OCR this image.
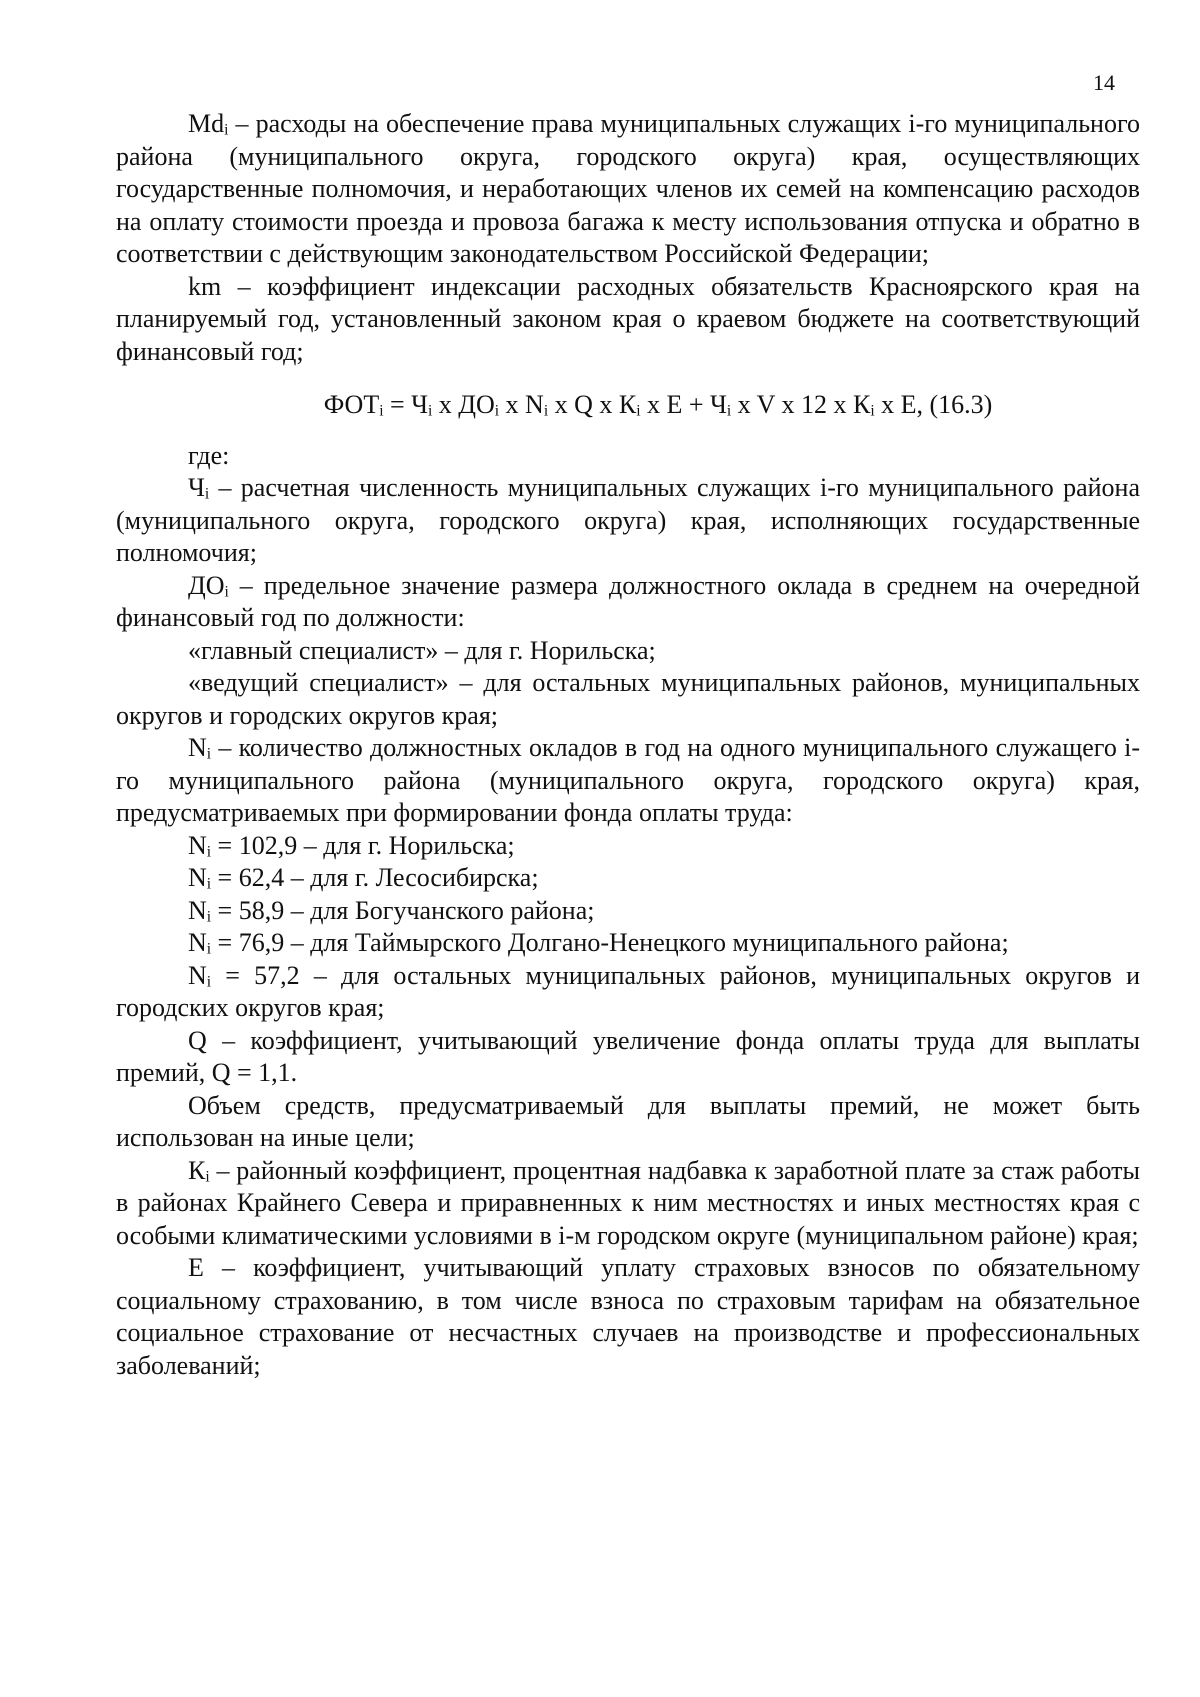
14

Mdᵢ – расходы на обеспечение права муниципальных служащих i-го муниципального района (муниципального округа, городского округа) края, осуществляющих государственные полномочия, и неработающих членов их семей на компенсацию расходов на оплату стоимости проезда и провоза багажа к месту использования отпуска и обратно в соответствии с действующим законодательством Российской Федерации;

km – коэффициент индексации расходных обязательств Красноярского края на планируемый год, установленный законом края о краевом бюджете на соответствующий финансовый год;

ФОТᵢ = Чᵢ x ДОᵢ x Nᵢ x Q x Кᵢ x E + Чᵢ x V x 12 x Кᵢ x E, (16.3)

где:

Чᵢ – расчетная численность муниципальных служащих i-го муниципального района (муниципального округа, городского округа) края, исполняющих государственные полномочия;

ДОᵢ – предельное значение размера должностного оклада в среднем на очередной финансовый год по должности:

«главный специалист» – для г. Норильска;

«ведущий специалист» – для остальных муниципальных районов, муниципальных округов и городских округов края;

Nᵢ – количество должностных окладов в год на одного муниципального служащего i-го муниципального района (муниципального округа, городского округа) края, предусматриваемых при формировании фонда оплаты труда:

Nᵢ = 102,9 – для г. Норильска;

Nᵢ = 62,4 – для г. Лесосибирска;

Nᵢ = 58,9 – для Богучанского района;

Nᵢ = 76,9 – для Таймырского Долгано-Ненецкого муниципального района;

Nᵢ = 57,2 – для остальных муниципальных районов, муниципальных округов и городских округов края;

Q – коэффициент, учитывающий увеличение фонда оплаты труда для выплаты премий, Q = 1,1.

Объем средств, предусматриваемый для выплаты премий, не может быть использован на иные цели;

Кᵢ – районный коэффициент, процентная надбавка к заработной плате за стаж работы в районах Крайнего Севера и приравненных к ним местностях и иных местностях края с особыми климатическими условиями в i-м городском округе (муниципальном районе) края;

E – коэффициент, учитывающий уплату страховых взносов по обязательному социальному страхованию, в том числе взноса по страховым тарифам на обязательное социальное страхование от несчастных случаев на производстве и профессиональных заболеваний;
